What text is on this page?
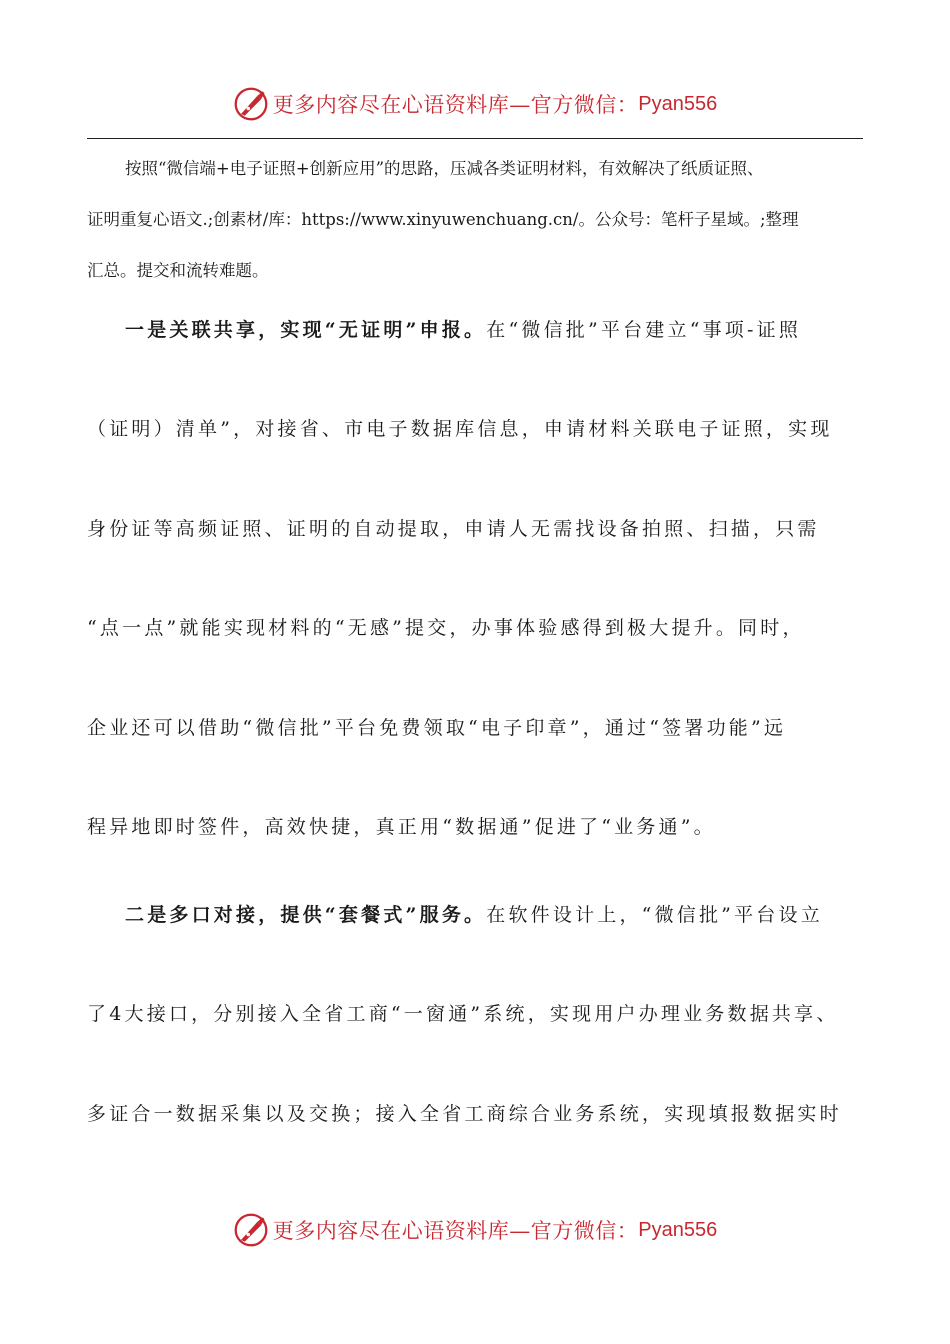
更多内容尽在心语资料库—官方微信： Pyan556
按照“微信端+电子证照+创新应用”的思路，压减各类证明材料，有效解决了纸质证照、
证明重复心语文.;创素材/库：https://www.xinyuwenchuang.cn/。公众号：笔杆子星域。;整理
汇总。提交和流转难题。

一是关联共享，实现“无证明”申报。在“微信批”平台建立“事项-证照

（证明）清单”，对接省、市电子数据库信息，申请材料关联电子证照，实现

身份证等高频证照、证明的自动提取，申请人无需找设备拍照、扫描，只需

“点一点”就能实现材料的“无感”提交，办事体验感得到极大提升。同时，

企业还可以借助“微信批”平台免费领取“电子印章”，通过“签署功能”远

程异地即时签件，高效快捷，真正用“数据通”促进了“业务通”。

二是多口对接，提供“套餐式”服务。在软件设计上，“微信批”平台设立

了4大接口，分别接入全省工商“一窗通”系统，实现用户办理业务数据共享、

多证合一数据采集以及交换；接入全省工商综合业务系统，实现填报数据实时

更多内容尽在心语资料库—官方微信： Pyan556
